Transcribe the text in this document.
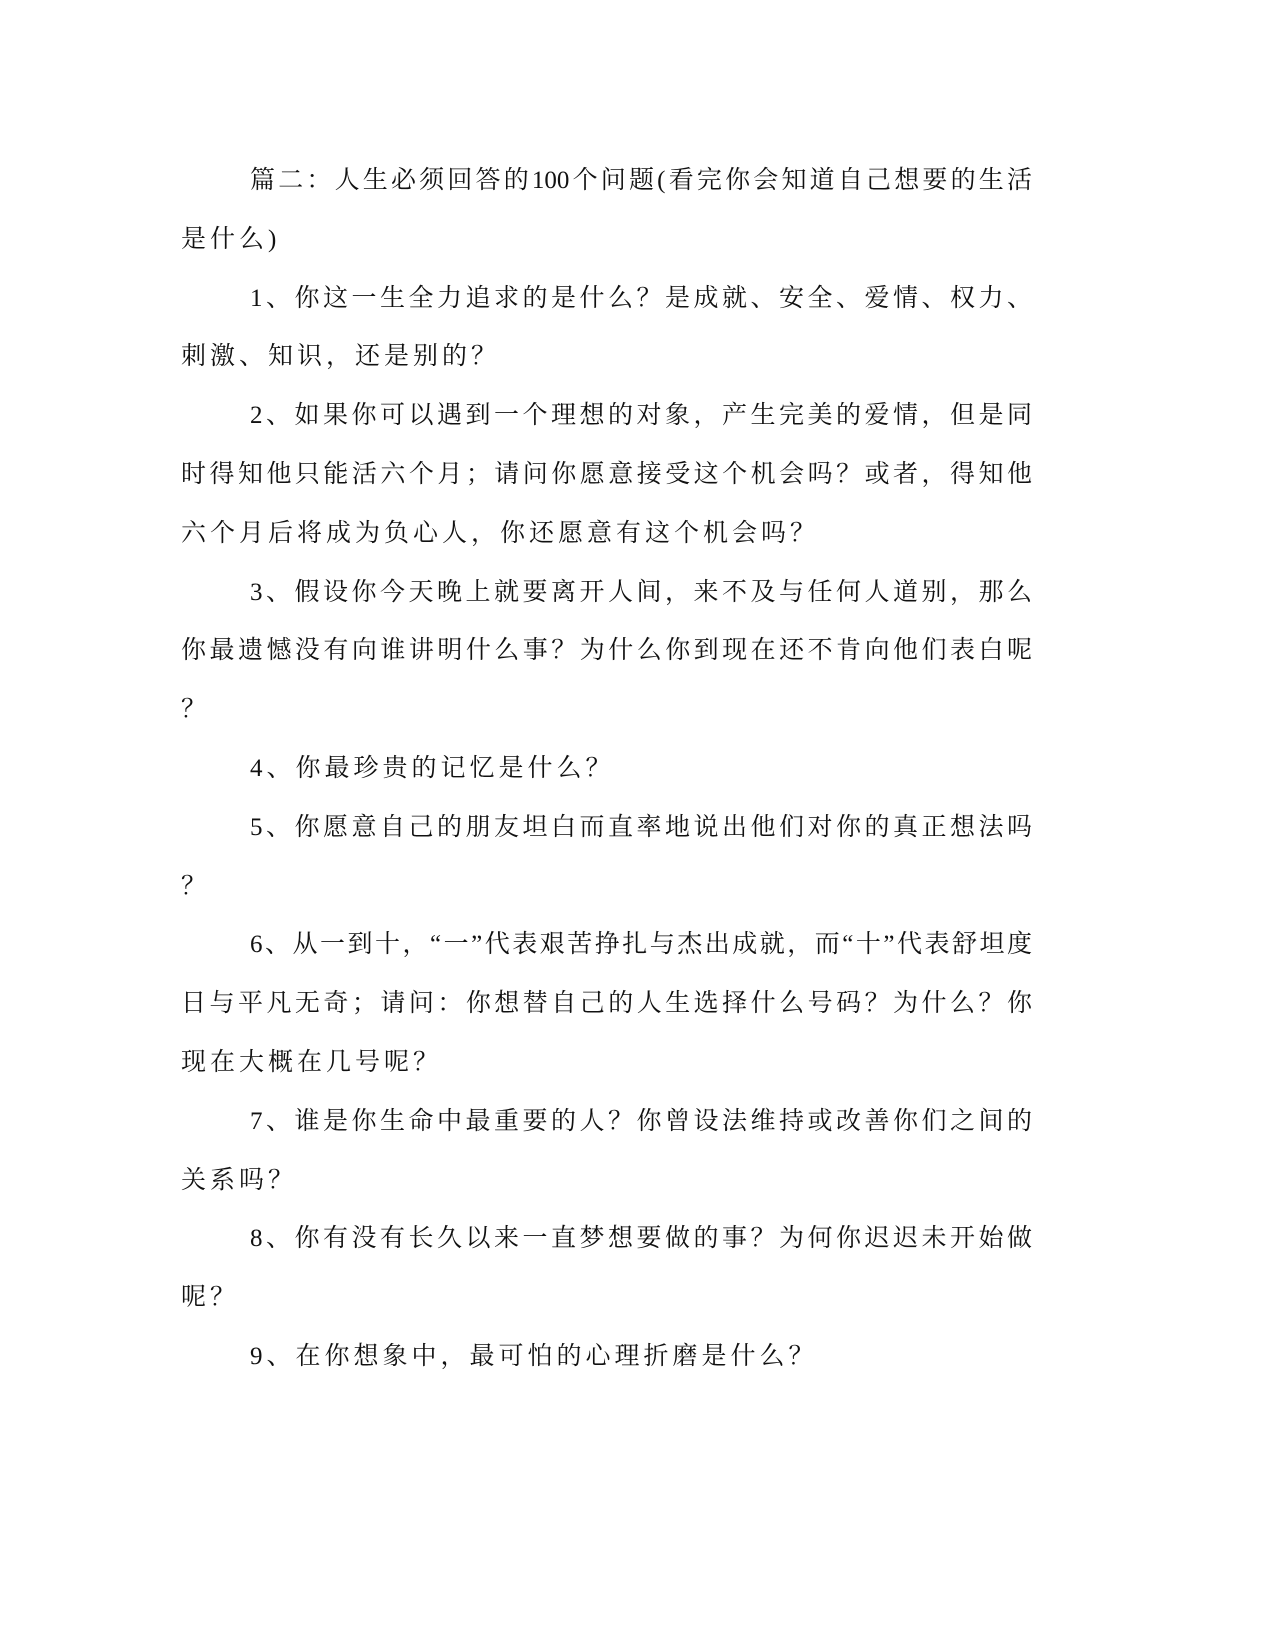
篇二：人生必须回答的100个问题(看完你会知道自己想要的生活
是什么)
1、你这一生全力追求的是什么？是成就、安全、爱情、权力、
刺激、知识，还是别的？
2、如果你可以遇到一个理想的对象，产生完美的爱情，但是同
时得知他只能活六个月；请问你愿意接受这个机会吗？或者，得知他
六个月后将成为负心人，你还愿意有这个机会吗？
3、假设你今天晚上就要离开人间，来不及与任何人道别，那么
你最遗憾没有向谁讲明什么事？为什么你到现在还不肯向他们表白呢
？
4、你最珍贵的记忆是什么？
5、你愿意自己的朋友坦白而直率地说出他们对你的真正想法吗
？
6、从一到十，“一”代表艰苦挣扎与杰出成就，而“十”代表舒坦度
日与平凡无奇；请问：你想替自己的人生选择什么号码？为什么？你
现在大概在几号呢？
7、谁是你生命中最重要的人？你曾设法维持或改善你们之间的
关系吗？
8、你有没有长久以来一直梦想要做的事？为何你迟迟未开始做
呢？
9、在你想象中，最可怕的心理折磨是什么？
